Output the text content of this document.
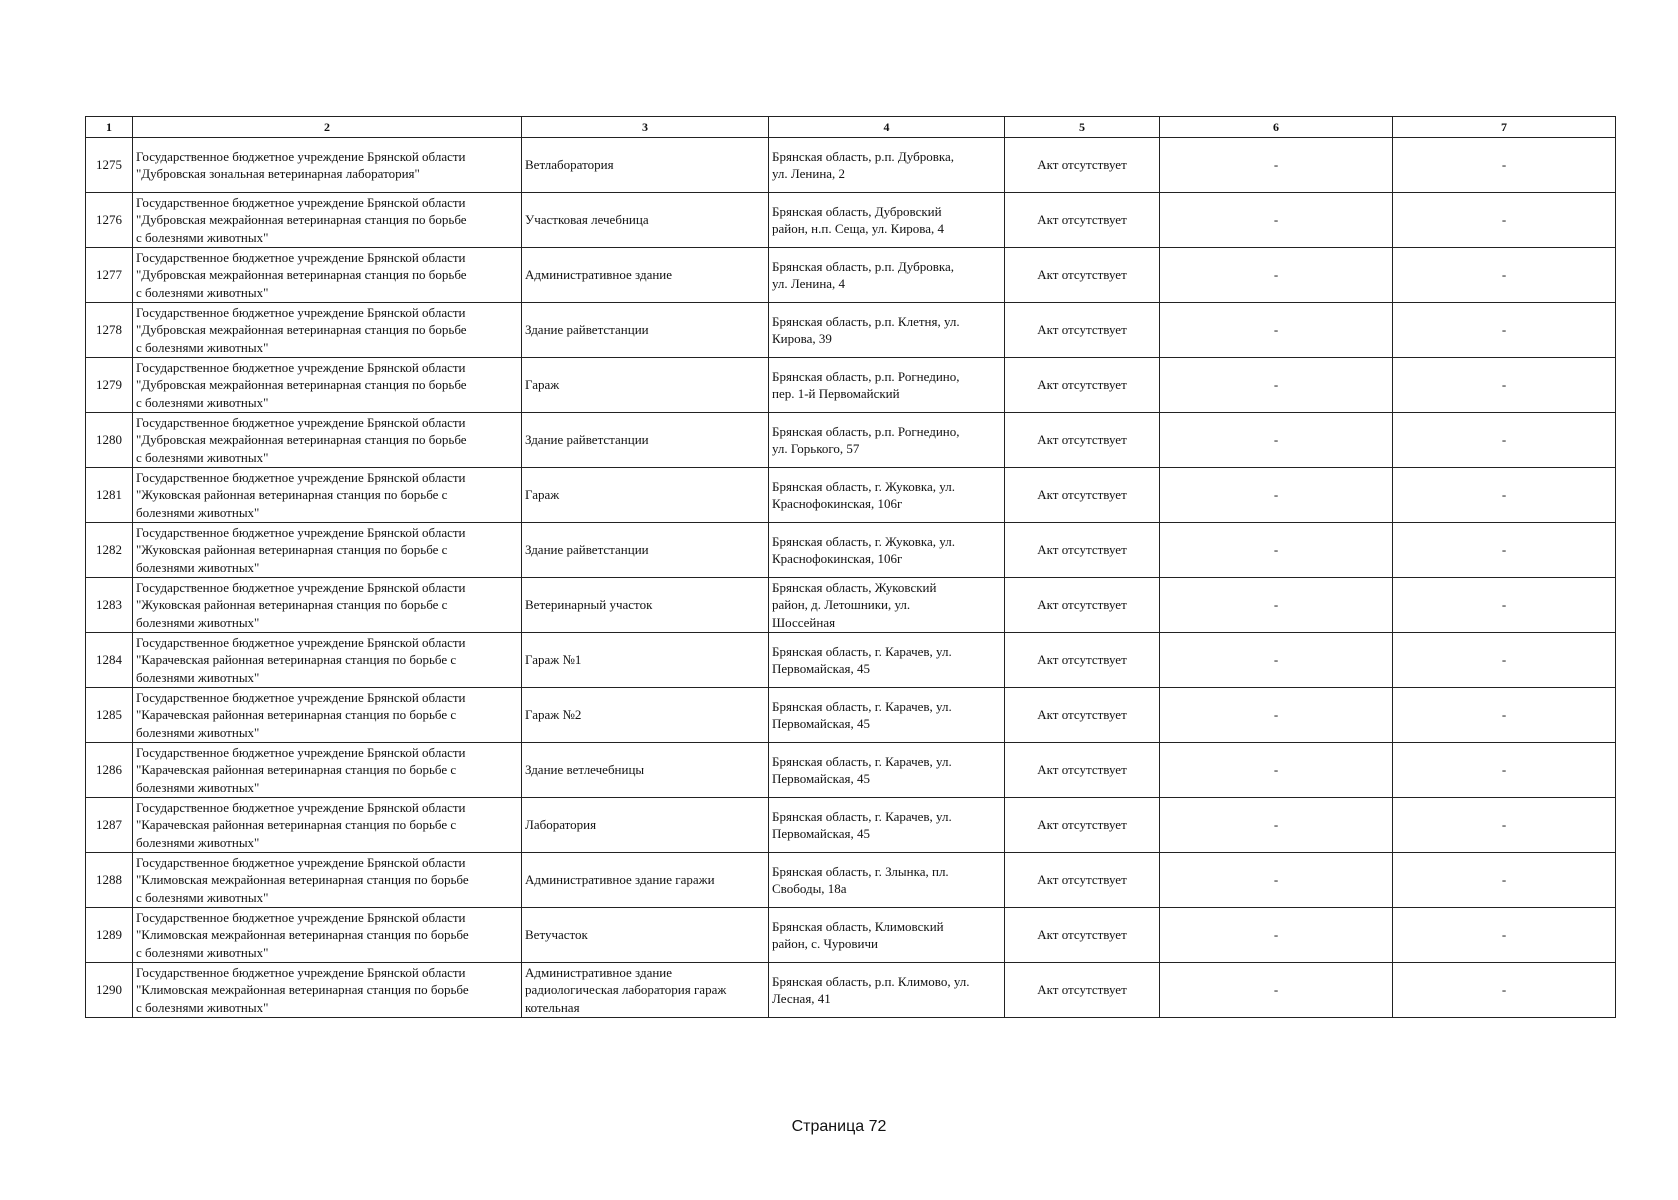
1	2	3	4	5	6	7
1275	Государственное бюджетное учреждение Брянской области
"Дубровская зональная ветеринарная лаборатория"	Ветлаборатория	Брянская область, р.п. Дубровка,
ул. Ленина, 2	Акт отсутствует	-	-
1276	Государственное бюджетное учреждение Брянской области
"Дубровская межрайонная ветеринарная станция по борьбе
с болезнями животных"	Участковая лечебница	Брянская область, Дубровский
район, н.п. Сеща, ул. Кирова, 4	Акт отсутствует	-	-
1277	Государственное бюджетное учреждение Брянской области
"Дубровская межрайонная ветеринарная станция по борьбе
с болезнями животных"	Административное здание	Брянская область, р.п. Дубровка,
ул. Ленина, 4	Акт отсутствует	-	-
1278	Государственное бюджетное учреждение Брянской области
"Дубровская межрайонная ветеринарная станция по борьбе
с болезнями животных"	Здание райветстанции	Брянская область, р.п. Клетня, ул.
Кирова, 39	Акт отсутствует	-	-
1279	Государственное бюджетное учреждение Брянской области
"Дубровская межрайонная ветеринарная станция по борьбе
с болезнями животных"	Гараж	Брянская область, р.п. Рогнедино,
пер. 1-й Первомайский	Акт отсутствует	-	-
1280	Государственное бюджетное учреждение Брянской области
"Дубровская межрайонная ветеринарная станция по борьбе
с болезнями животных"	Здание райветстанции	Брянская область, р.п. Рогнедино,
ул. Горького, 57	Акт отсутствует	-	-
1281	Государственное бюджетное учреждение Брянской области
"Жуковская районная ветеринарная станция по борьбе с
болезнями животных"	Гараж	Брянская область, г. Жуковка, ул.
Краснофокинская, 106г	Акт отсутствует	-	-
1282	Государственное бюджетное учреждение Брянской области
"Жуковская районная ветеринарная станция по борьбе с
болезнями животных"	Здание райветстанции	Брянская область, г. Жуковка, ул.
Краснофокинская, 106г	Акт отсутствует	-	-
1283	Государственное бюджетное учреждение Брянской области
"Жуковская районная ветеринарная станция по борьбе с
болезнями животных"	Ветеринарный участок	Брянская область, Жуковский
район, д. Летошники, ул.
Шоссейная	Акт отсутствует	-	-
1284	Государственное бюджетное учреждение Брянской области
"Карачевская районная ветеринарная станция по борьбе с
болезнями животных"	Гараж №1	Брянская область, г. Карачев, ул.
Первомайская, 45	Акт отсутствует	-	-
1285	Государственное бюджетное учреждение Брянской области
"Карачевская районная ветеринарная станция по борьбе с
болезнями животных"	Гараж №2	Брянская область, г. Карачев, ул.
Первомайская, 45	Акт отсутствует	-	-
1286	Государственное бюджетное учреждение Брянской области
"Карачевская районная ветеринарная станция по борьбе с
болезнями животных"	Здание ветлечебницы	Брянская область, г. Карачев, ул.
Первомайская, 45	Акт отсутствует	-	-
1287	Государственное бюджетное учреждение Брянской области
"Карачевская районная ветеринарная станция по борьбе с
болезнями животных"	Лаборатория	Брянская область, г. Карачев, ул.
Первомайская, 45	Акт отсутствует	-	-
1288	Государственное бюджетное учреждение Брянской области
"Климовская межрайонная ветеринарная станция по борьбе
с болезнями животных"	Административное здание гаражи	Брянская область, г. Злынка, пл.
Свободы, 18а	Акт отсутствует	-	-
1289	Государственное бюджетное учреждение Брянской области
"Климовская межрайонная ветеринарная станция по борьбе
с болезнями животных"	Ветучасток	Брянская область, Климовский
район, с. Чуровичи	Акт отсутствует	-	-
1290	Государственное бюджетное учреждение Брянской области
"Климовская межрайонная ветеринарная станция по борьбе
с болезнями животных"	Административное здание
радиологическая лаборатория гараж
котельная	Брянская область, р.п. Климово, ул.
Лесная, 41	Акт отсутствует	-	-
Страница 72
